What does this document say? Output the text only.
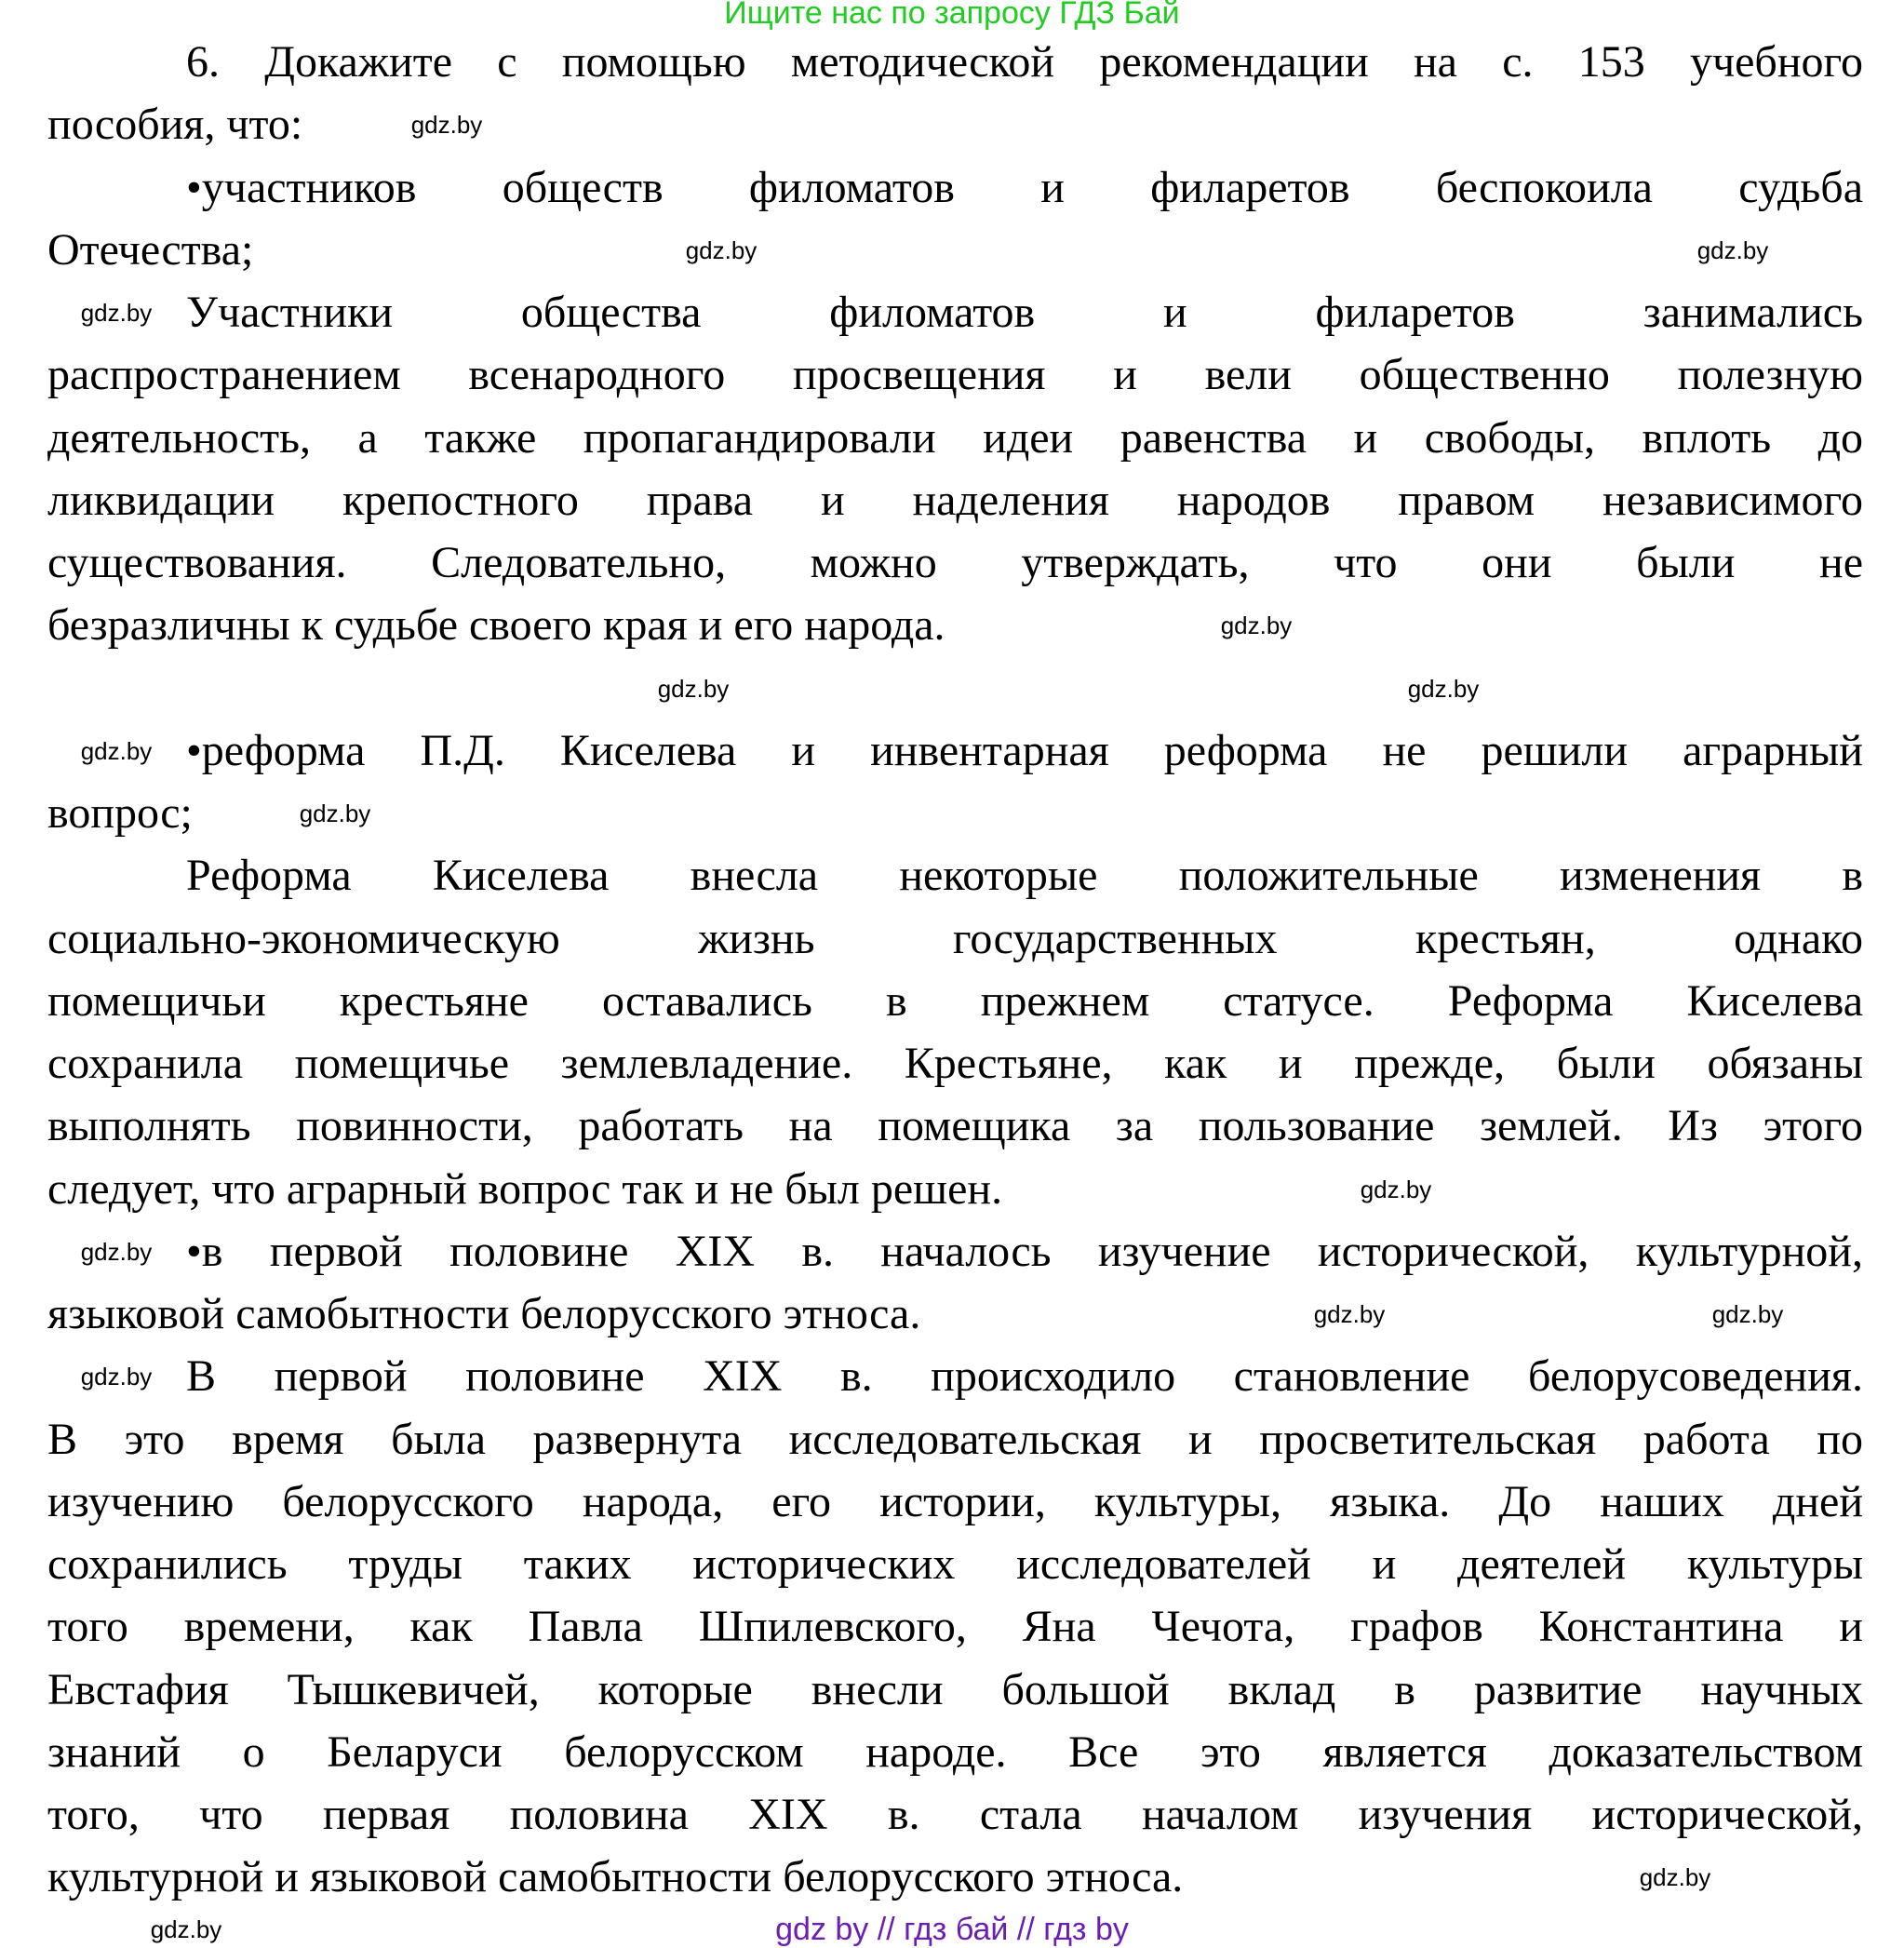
Ищите нас по запросу ГДЗ Бай
6. Докажите с помощью методической рекомендации на с. 153 учебного
пособия, что:
•участников обществ филоматов и филаретов беспокоила судьба
Отечества;
Участники общества филоматов и филаретов занимались
распространением всенародного просвещения и вели общественно полезную
деятельность, а также пропагандировали идеи равенства и свободы, вплоть до
ликвидации крепостного права и наделения народов правом независимого
существования. Следовательно, можно утверждать, что они были не
безразличны к судьбе своего края и его народа.
•реформа П.Д. Киселева и инвентарная реформа не решили аграрный
вопрос;
Реформа Киселева внесла некоторые положительные изменения в
социально-экономическую жизнь государственных крестьян, однако
помещичьи крестьяне оставались в прежнем статусе. Реформа Киселева
сохранила помещичье землевладение. Крестьяне, как и прежде, были обязаны
выполнять повинности, работать на помещика за пользование землей. Из этого
следует, что аграрный вопрос так и не был решен.
•в первой половине XIX в. началось изучение исторической, культурной,
языковой самобытности белорусского этноса.
В первой половине XIX в. происходило становление белорусоведения.
В это время была развернута исследовательская и просветительская работа по
изучению белорусского народа, его истории, культуры, языка. До наших дней
сохранились труды таких исторических исследователей и деятелей культуры
того времени, как Павла Шпилевского, Яна Чечота, графов Константина и
Евстафия Тышкевичей, которые внесли большой вклад в развитие научных
знаний о Беларуси белорусском народе. Все это является доказательством
того, что первая половина XIX в. стала началом изучения исторической,
культурной и языковой самобытности белорусского этноса.
gdz.by
gdz.by
gdz.by
gdz.by
gdz.by
gdz.by	gdz.by
gdz.by
gdz.by
gdz.by
gdz.by
gdz.by
gdz.by
gdz.by
gdz.by
gdz.by
gdz by // гдз бай // гдз by
